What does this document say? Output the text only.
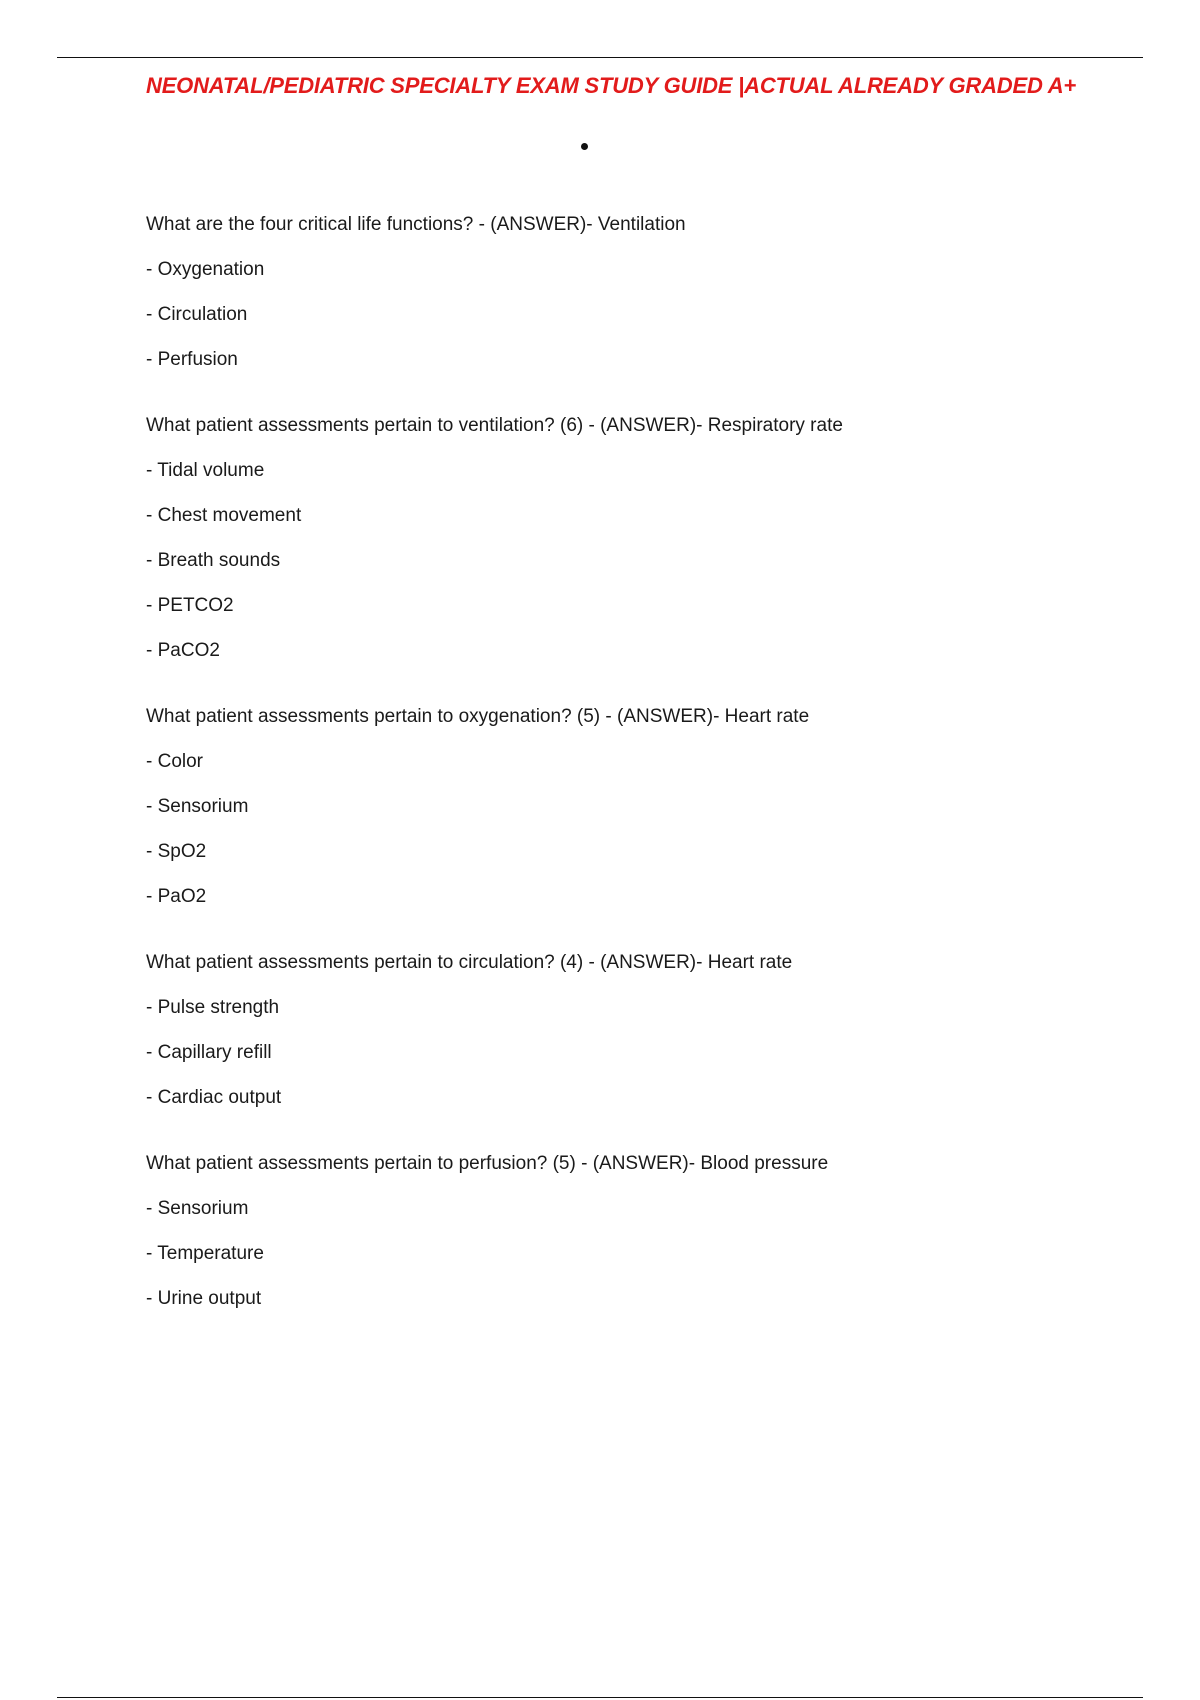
NEONATAL/PEDIATRIC SPECIALTY EXAM STUDY GUIDE |ACTUAL ALREADY GRADED A+
What are the four critical life functions? - (ANSWER)- Ventilation
- Oxygenation
- Circulation
- Perfusion
What patient assessments pertain to ventilation? (6) - (ANSWER)- Respiratory rate
- Tidal volume
- Chest movement
- Breath sounds
- PETCO2
- PaCO2
What patient assessments pertain to oxygenation? (5) - (ANSWER)- Heart rate
- Color
- Sensorium
- SpO2
- PaO2
What patient assessments pertain to circulation? (4) - (ANSWER)- Heart rate
- Pulse strength
- Capillary refill
- Cardiac output
What patient assessments pertain to perfusion? (5) - (ANSWER)- Blood pressure
- Sensorium
- Temperature
- Urine output
